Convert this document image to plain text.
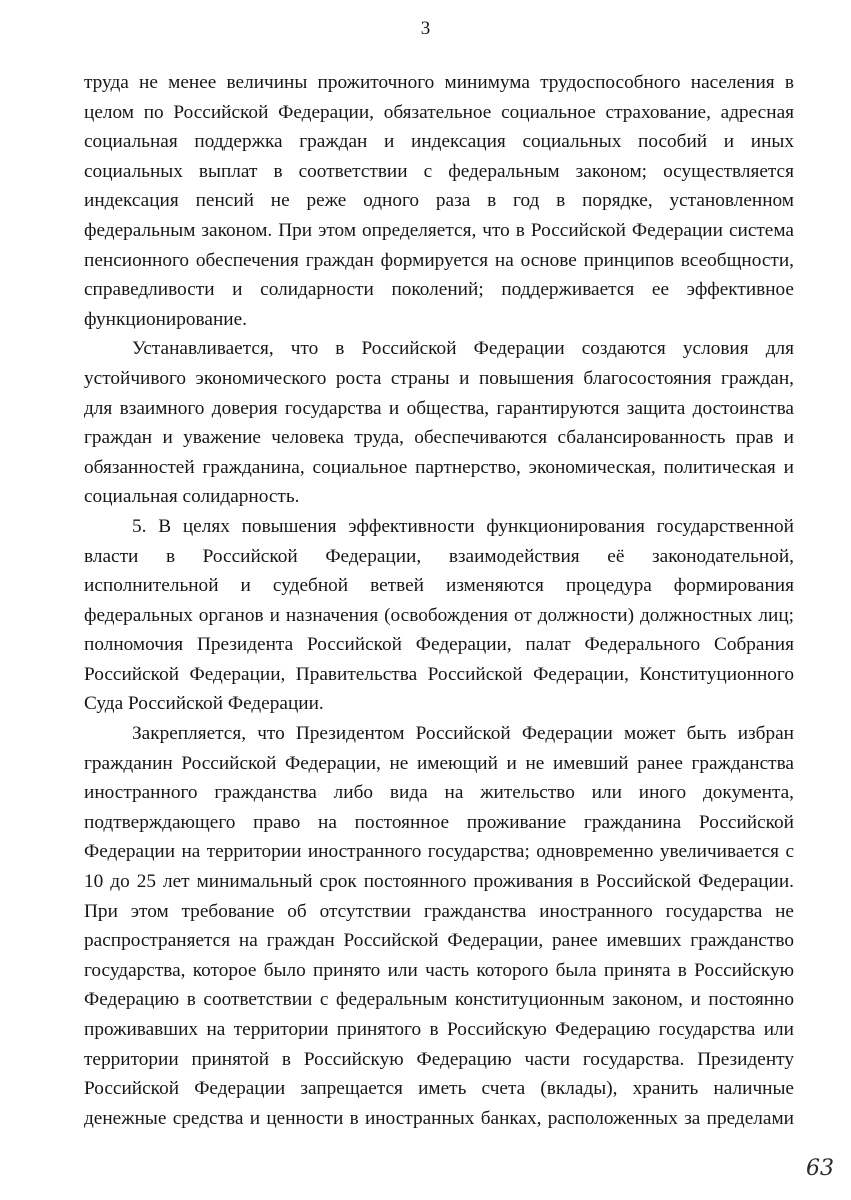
3

труда не менее величины прожиточного минимума трудоспособного населения в

целом по Российской Федерации, обязательное социальное страхование, адресная

социальная поддержка граждан и индексация социальных пособий и иных

социальных выплат в соответствии с федеральным законом; осуществляется

индексация пенсий не реже одного раза в год в порядке, установленном

федеральным законом. При этом определяется, что в Российской Федерации система

пенсионного обеспечения граждан формируется на основе принципов всеобщности,

справедливости и солидарности поколений; поддерживается ее эффективное

функционирование.

Устанавливается, что в Российской Федерации создаются условия для

устойчивого экономического роста страны и повышения благосостояния граждан,

для взаимного доверия государства и общества, гарантируются защита достоинства

граждан и уважение человека труда, обеспечиваются сбалансированность прав и

обязанностей гражданина, социальное партнерство, экономическая, политическая и

социальная солидарность.

5. В целях повышения эффективности функционирования государственной

власти в Российской Федерации, взаимодействия её законодательной,

исполнительной и судебной ветвей изменяются процедура формирования

федеральных органов и назначения (освобождения от должности) должностных лиц;

полномочия Президента Российской Федерации, палат Федерального Собрания

Российской Федерации, Правительства Российской Федерации, Конституционного

Суда Российской Федерации.

Закрепляется, что Президентом Российской Федерации может быть избран

гражданин Российской Федерации, не имеющий и не имевший ранее гражданства

иностранного гражданства либо вида на жительство или иного документа,

подтверждающего право на постоянное проживание гражданина Российской

Федерации на территории иностранного государства; одновременно увеличивается с

10 до 25 лет минимальный срок постоянного проживания в Российской Федерации.

При этом требование об отсутствии гражданства иностранного государства не

распространяется на граждан Российской Федерации, ранее имевших гражданство

государства, которое было принято или часть которого была принята в Российскую

Федерацию в соответствии с федеральным конституционным законом, и постоянно

проживавших на территории принятого в Российскую Федерацию государства или

территории принятой в Российскую Федерацию части государства. Президенту

Российской Федерации запрещается иметь счета (вклады), хранить наличные

денежные средства и ценности в иностранных банках, расположенных за пределами

63
